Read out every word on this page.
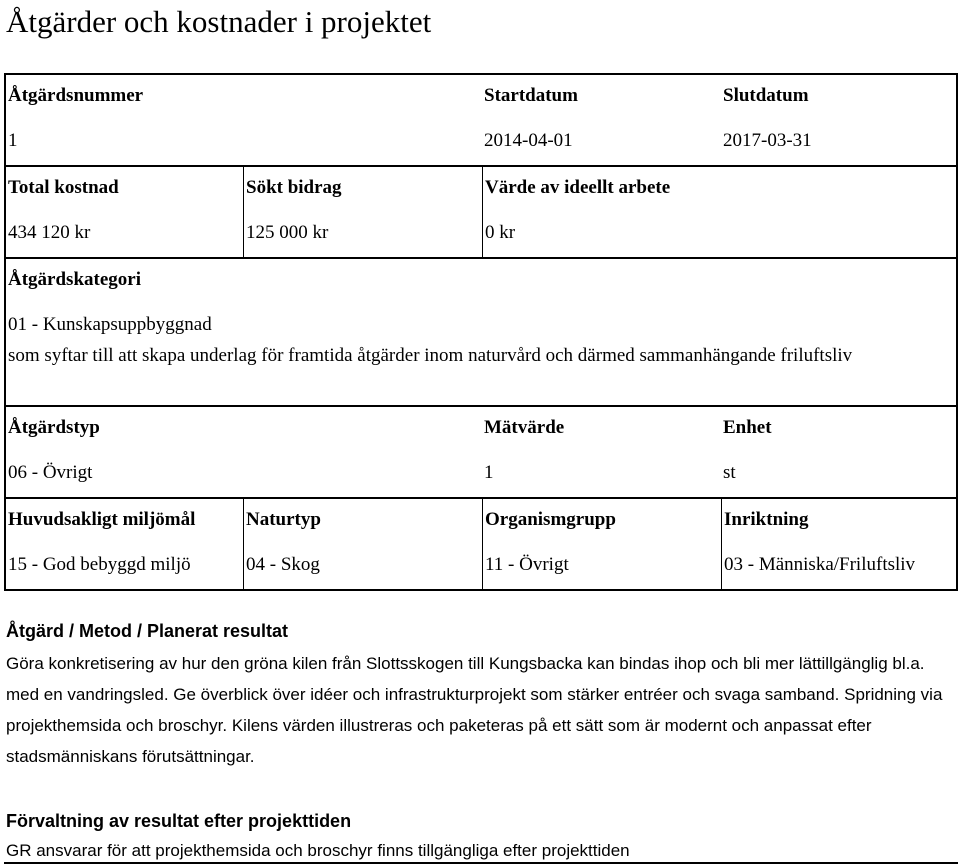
Åtgärder och kostnader i projektet
Åtgärdsnummer	Startdatum	Slutdatum
1	2014-04-01	2017-03-31
Total kostnad	Sökt bidrag	Värde av ideellt arbete
434 120 kr	125 000 kr	0 kr
Åtgärdskategori
01 - Kunskapsuppbyggnad
som syftar till att skapa underlag för framtida åtgärder inom naturvård och därmed sammanhängande friluftsliv
Åtgärdstyp	Mätvärde	Enhet
06 - Övrigt	1	st
Huvudsakligt miljömål	Naturtyp	Organismgrupp	Inriktning
15 - God bebyggd miljö	04 - Skog	11 - Övrigt	03 - Människa/Friluftsliv
Åtgärd / Metod / Planerat resultat
Göra konkretisering av hur den gröna kilen från Slottsskogen till Kungsbacka kan bindas ihop och bli mer lättillgänglig bl.a. med en vandringsled. Ge överblick över idéer och infrastrukturprojekt som stärker entréer och svaga samband. Spridning via projekthemsida och broschyr. Kilens värden illustreras och paketeras på ett sätt som är modernt och anpassat efter stadsmänniskans förutsättningar.
Förvaltning av resultat efter projekttiden
GR ansvarar för att projekthemsida och broschyr finns tillgängliga efter projekttiden
